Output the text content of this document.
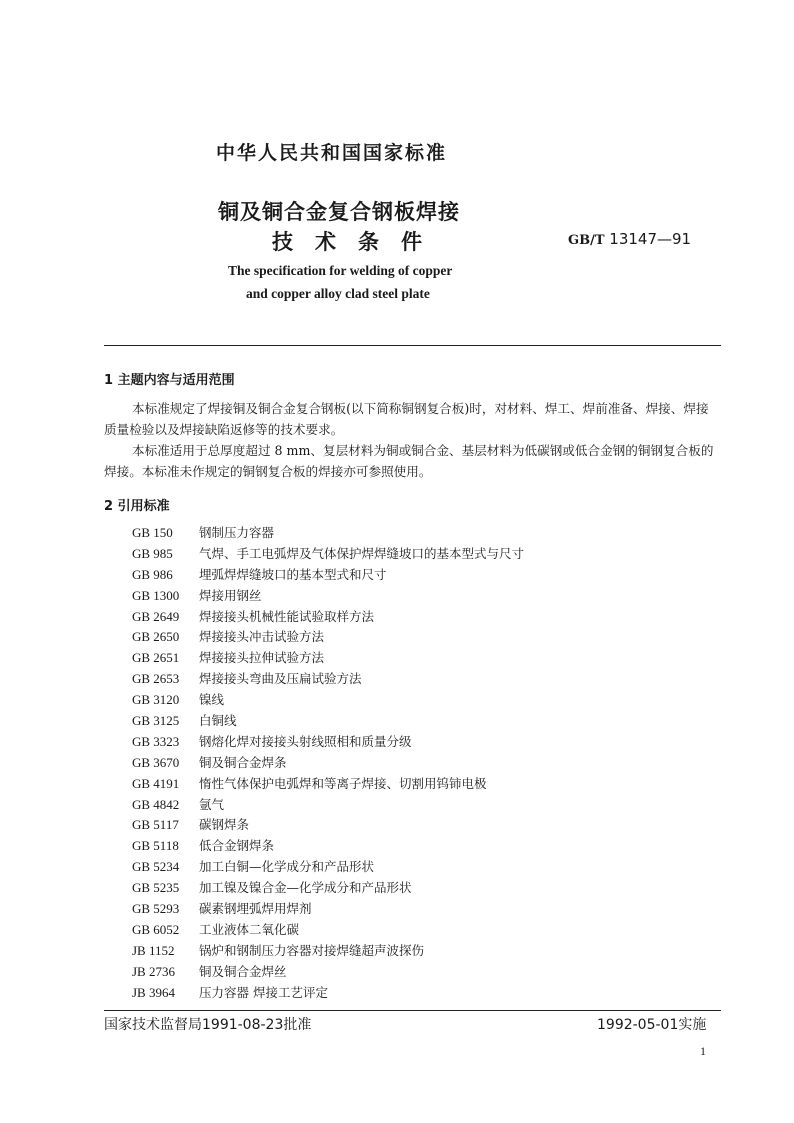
中华人民共和国国家标准
铜及铜合金复合钢板焊接
技术条件	GB/T 13147—91
The specification for welding of copper
and copper alloy clad steel plate
1 主题内容与适用范围
本标准规定了焊接铜及铜合金复合钢板(以下简称铜钢复合板)时，对材料、焊工、焊前准备、焊接、焊接质量检验以及焊接缺陷返修等的技术要求。
本标准适用于总厚度超过 8 mm、复层材料为铜或铜合金、基层材料为低碳钢或低合金钢的铜钢复合板的焊接。本标准未作规定的铜钢复合板的焊接亦可参照使用。
2 引用标准
GB 150 钢制压力容器
GB 985 气焊、手工电弧焊及气体保护焊焊缝坡口的基本型式与尺寸
GB 986 埋弧焊焊缝坡口的基本型式和尺寸
GB 1300 焊接用钢丝
GB 2649 焊接接头机械性能试验取样方法
GB 2650 焊接接头冲击试验方法
GB 2651 焊接接头拉伸试验方法
GB 2653 焊接接头弯曲及压扁试验方法
GB 3120 镍线
GB 3125 白铜线
GB 3323 钢熔化焊对接接头射线照相和质量分级
GB 3670 铜及铜合金焊条
GB 4191 惰性气体保护电弧焊和等离子焊接、切割用钨铈电极
GB 4842 氩气
GB 5117 碳钢焊条
GB 5118 低合金钢焊条
GB 5234 加工白铜—化学成分和产品形状
GB 5235 加工镍及镍合金—化学成分和产品形状
GB 5293 碳素钢埋弧焊用焊剂
GB 6052 工业液体二氧化碳
JB 1152 锅炉和钢制压力容器对接焊缝超声波探伤
JB 2736 铜及铜合金焊丝
JB 3964 压力容器 焊接工艺评定
国家技术监督局1991-08-23批准	1992-05-01实施
1
